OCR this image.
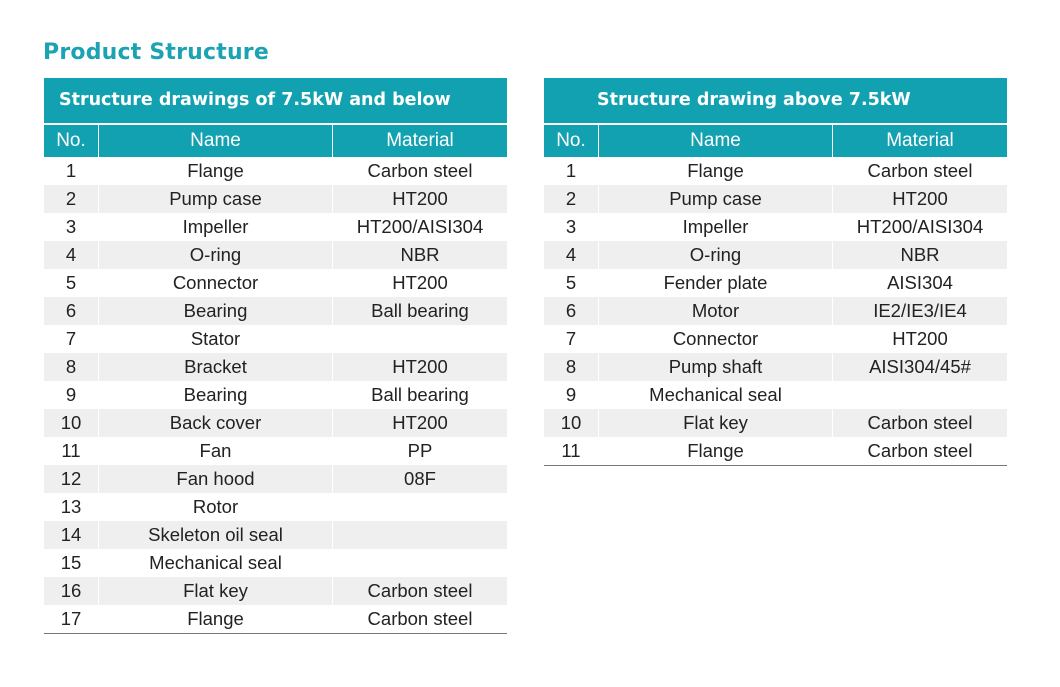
Product Structure
Structure drawings of 7.5kW and below
No.	Name	Material
1	Flange	Carbon steel
2	Pump case	HT200
3	Impeller	HT200/AISI304
4	O-ring	NBR
5	Connector	HT200
6	Bearing	Ball bearing
7	Stator
8	Bracket	HT200
9	Bearing	Ball bearing
10	Back cover	HT200
11	Fan	PP
12	Fan hood	08F
13	Rotor
14	Skeleton oil seal
15	Mechanical seal
16	Flat key	Carbon steel
17	Flange	Carbon steel
Structure drawing above 7.5kW
No.	Name	Material
1	Flange	Carbon steel
2	Pump case	HT200
3	Impeller	HT200/AISI304
4	O-ring	NBR
5	Fender plate	AISI304
6	Motor	IE2/IE3/IE4
7	Connector	HT200
8	Pump shaft	AISI304/45#
9	Mechanical seal
10	Flat key	Carbon steel
11	Flange	Carbon steel
